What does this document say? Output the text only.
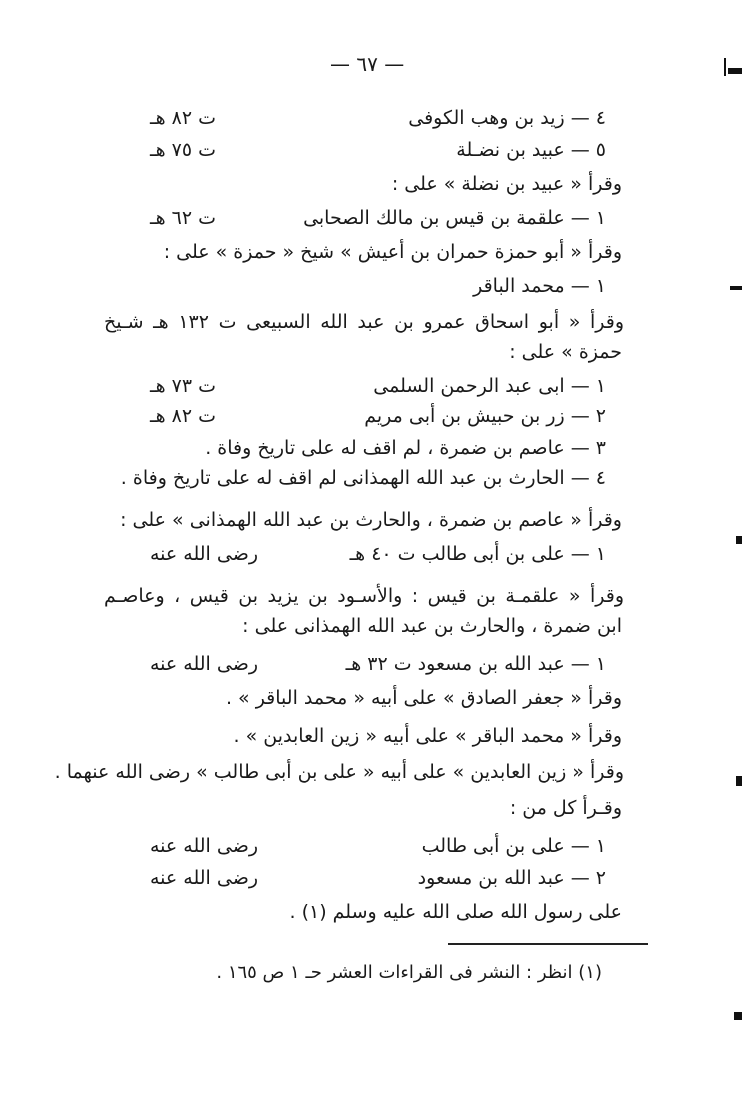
— ٦٧ —
٤ — زيد بن وهب الكوفى
ت ٨٢ هـ
٥ — عبيد بن نضـلة
ت ٧٥ هـ
وقرأ « عبيد بن نضلة » على :
١ — علقمة بن قيس بن مالك الصحابى
ت ٦٢ هـ
وقرأ « أبو حمزة حمران بن أعيش » شيخ « حمزة » على :
١ — محمد الباقر
وقرأ « أبو اسحاق عمرو بن عبد الله السبيعى ت ١٣٢ هـ شـيخ
حمزة » على :
١ — ابى عبد الرحمن السلمى
ت ٧٣ هـ
٢ — زر بن حبيش بن أبى مريم
ت ٨٢ هـ
٣ — عاصم بن ضمرة ، لم اقف له على تاريخ وفاة .
٤ — الحارث بن عبد الله الهمذانى لم اقف له على تاريخ وفاة .
وقرأ « عاصم بن ضمرة ، والحارث بن عبد الله الهمذانى » على :
١ — على بن أبى طالب ت ٤٠ هـ
رضى الله عنه
وقرأ « علقمـة بن قيس : والأسـود بن يزيد بن قيس ، وعاصـم
ابن ضمرة ، والحارث بن عبد الله الهمذانى على :
١ — عبد الله بن مسعود ت ٣٢ هـ
رضى الله عنه
وقرأ « جعفر الصادق » على أبيه « محمد الباقر » .
وقرأ « محمد الباقر » على أبيه « زين العابدين » .
وقرأ « زين العابدين » على أبيه « على بن أبى طالب » رضى الله عنهما .
وقـرأ كل من :
١ — على بن أبى طالب
رضى الله عنه
٢ — عبد الله بن مسعود
رضى الله عنه
على رسول الله صلى الله عليه وسلم (١) .
(١) انظر : النشر فى القراءات العشر حـ ١ ص ١٦٥ .
